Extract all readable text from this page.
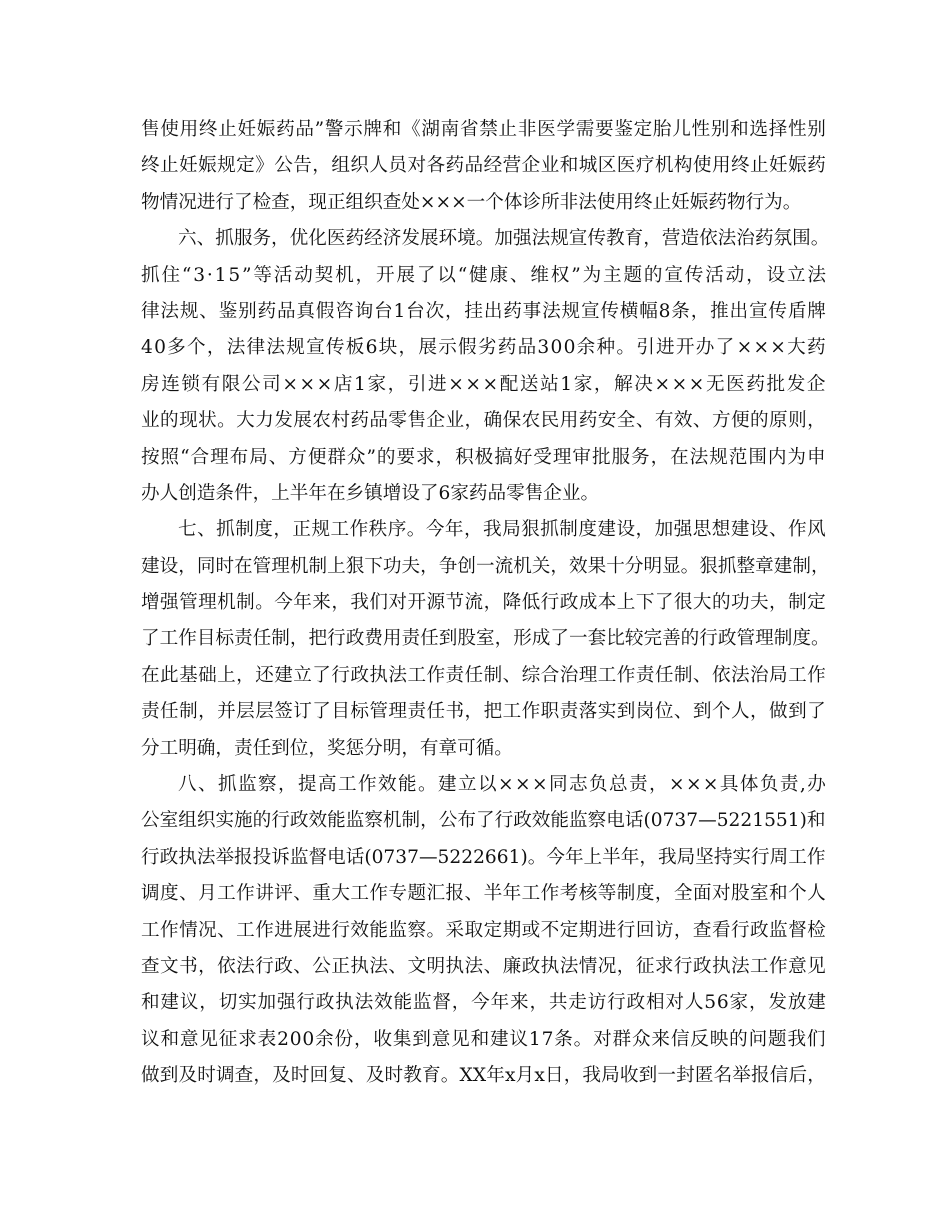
售 使 用 终 止 妊 娠 药 品 ” 警 示 牌 和 《 湖 南 省 禁 止 非 医 学 需 要 鉴 定 胎 儿 性 别 和 选 择 性 别
终 止 妊 娠 规 定 》 公 告 ， 组 织 人 员 对 各 药 品 经 营 企 业 和 城 区 医 疗 机 构 使 用 终 止 妊 娠 药
物情况进行了检查，现正组织查处×××一个体诊所非法使用终止妊娠药物行为。
六 、 抓 服 务 ， 优 化 医 药 经 济 发 展 环 境 。 加 强 法 规 宣 传 教 育 ， 营 造 依 法 治 药 氛 围 。
抓 住 “ 3 · 1 5 ” 等 活 动 契 机 ， 开 展 了 以 “ 健 康 、 维 权 ” 为 主 题 的 宣 传 活 动 ， 设 立 法
律 法 规 、 鉴 别 药 品 真 假 咨 询 台 1 台 次 ， 挂 出 药 事 法 规 宣 传 横 幅 8 条 ， 推 出 宣 传 盾 牌
4 0 多 个 ， 法 律 法 规 宣 传 板 6 块 ， 展 示 假 劣 药 品 3 0 0 余 种 。 引 进 开 办 了 × × × 大 药
房 连 锁 有 限 公 司 × × × 店 1 家 ， 引 进 × × × 配 送 站 1 家 ， 解 决 × × × 无 医 药 批 发 企
业 的 现 状 。 大 力 发 展 农 村 药 品 零 售 企 业 ， 确 保 农 民 用 药 安 全 、 有 效 、 方 便 的 原 则 ，
按 照 “ 合 理 布 局 、 方 便 群 众 ” 的 要 求 ， 积 极 搞 好 受 理 审 批 服 务 ， 在 法 规 范 围 内 为 申
办人创造条件，上半年在乡镇增设了6家药品零售企业。
七 、 抓 制 度 ， 正 规 工 作 秩 序 。 今 年 ， 我 局 狠 抓 制 度 建 设 ， 加 强 思 想 建 设 、 作 风
建 设 ， 同 时 在 管 理 机 制 上 狠 下 功 夫 ， 争 创 一 流 机 关 ， 效 果 十 分 明 显 。 狠 抓 整 章 建 制 ，
增 强 管 理 机 制 。 今 年 来 ， 我 们 对 开 源 节 流 ， 降 低 行 政 成 本 上 下 了 很 大 的 功 夫 ， 制 定
了 工 作 目 标 责 任 制 ， 把 行 政 费 用 责 任 到 股 室 ， 形 成 了 一 套 比 较 完 善 的 行 政 管 理 制 度 。
在 此 基 础 上 ， 还 建 立 了 行 政 执 法 工 作 责 任 制 、 综 合 治 理 工 作 责 任 制 、 依 法 治 局 工 作
责 任 制 ， 并 层 层 签 订 了 目 标 管 理 责 任 书 ， 把 工 作 职 责 落 实 到 岗 位 、 到 个 人 ， 做 到 了
分工明确，责任到位，奖惩分明，有章可循。
八 、 抓 监 察 ， 提 高 工 作 效 能 。 建 立 以 × × × 同 志 负 总 责 ， × × × 具 体 负 责 , 办
公 室 组 织 实 施 的 行 政 效 能 监 察 机 制 ， 公 布 了 行 政 效 能 监 察 电 话 ( 0 7 3 7 — 5 2 2 1 5 5 1 ) 和
行 政 执 法 举 报 投 诉 监 督 电 话 ( 0 7 3 7 — 5 2 2 2 6 6 1 ) 。 今 年 上 半 年 ， 我 局 坚 持 实 行 周 工 作
调 度 、 月 工 作 讲 评 、 重 大 工 作 专 题 汇 报 、 半 年 工 作 考 核 等 制 度 ， 全 面 对 股 室 和 个 人
工 作 情 况 、 工 作 进 展 进 行 效 能 监 察 。 采 取 定 期 或 不 定 期 进 行 回 访 ， 查 看 行 政 监 督 检
查 文 书 ， 依 法 行 政 、 公 正 执 法 、 文 明 执 法 、 廉 政 执 法 情 况 ， 征 求 行 政 执 法 工 作 意 见
和 建 议 ， 切 实 加 强 行 政 执 法 效 能 监 督 ， 今 年 来 ， 共 走 访 行 政 相 对 人 5 6 家 ， 发 放 建
议 和 意 见 征 求 表 2 0 0 余 份 ， 收 集 到 意 见 和 建 议 1 7 条 。 对 群 众 来 信 反 映 的 问 题 我 们
做 到 及 时 调 查 ， 及 时 回 复 、 及 时 教 育 。 X X 年 x 月 x 日 ， 我 局 收 到 一 封 匿 名 举 报 信 后 ，
